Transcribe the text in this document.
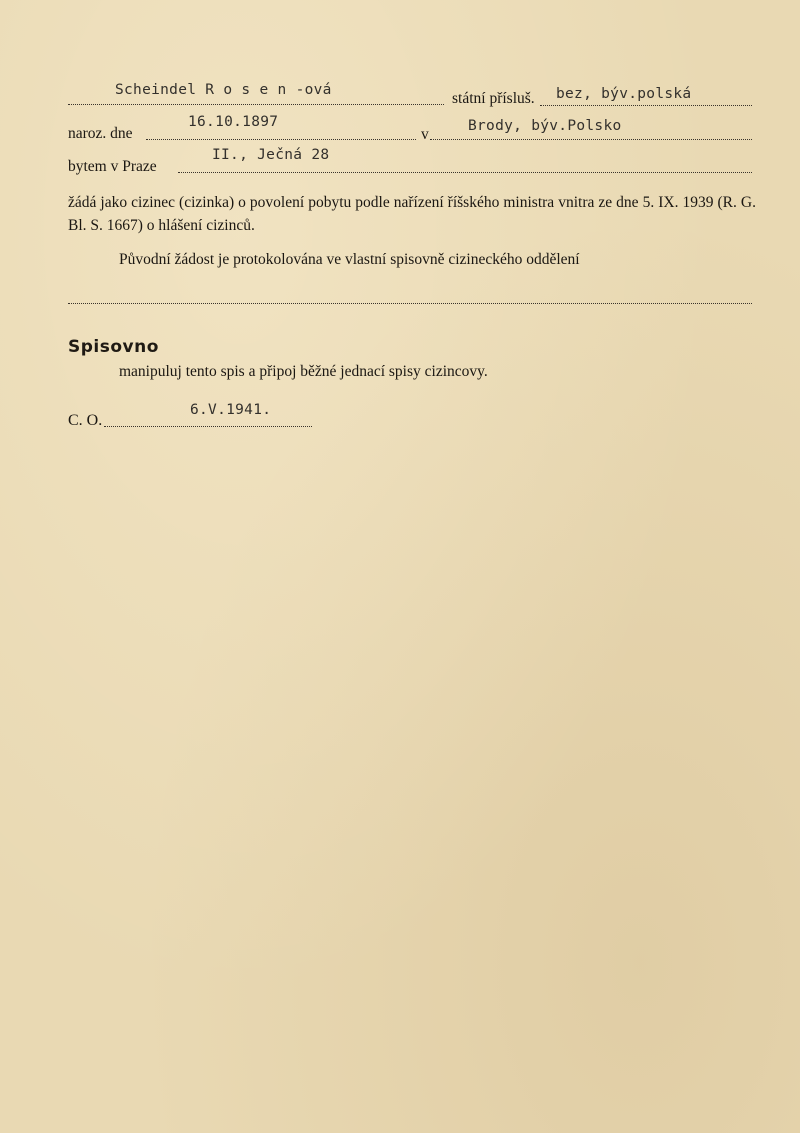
Scheindel R o s e n -ová	státní přísluš. bez, býv.polská
naroz. dne
16.10.1897
v	Brody, býv.Polsko
bytem v Praze
II., Ječná 28
žádá jako cizinec (cizinka) o povolení pobytu podle nařízení říšského ministra vnitra ze dne 5. IX. 1939 (R. G. Bl. S. 1667) o hlášení cizinců.
Původní žádost je protokolována ve vlastní spisovně cizineckého oddělení
Spisovno
manipuluj tento spis a připoj běžné jednací spisy cizincovy.
C. O.
6.V.1941.
